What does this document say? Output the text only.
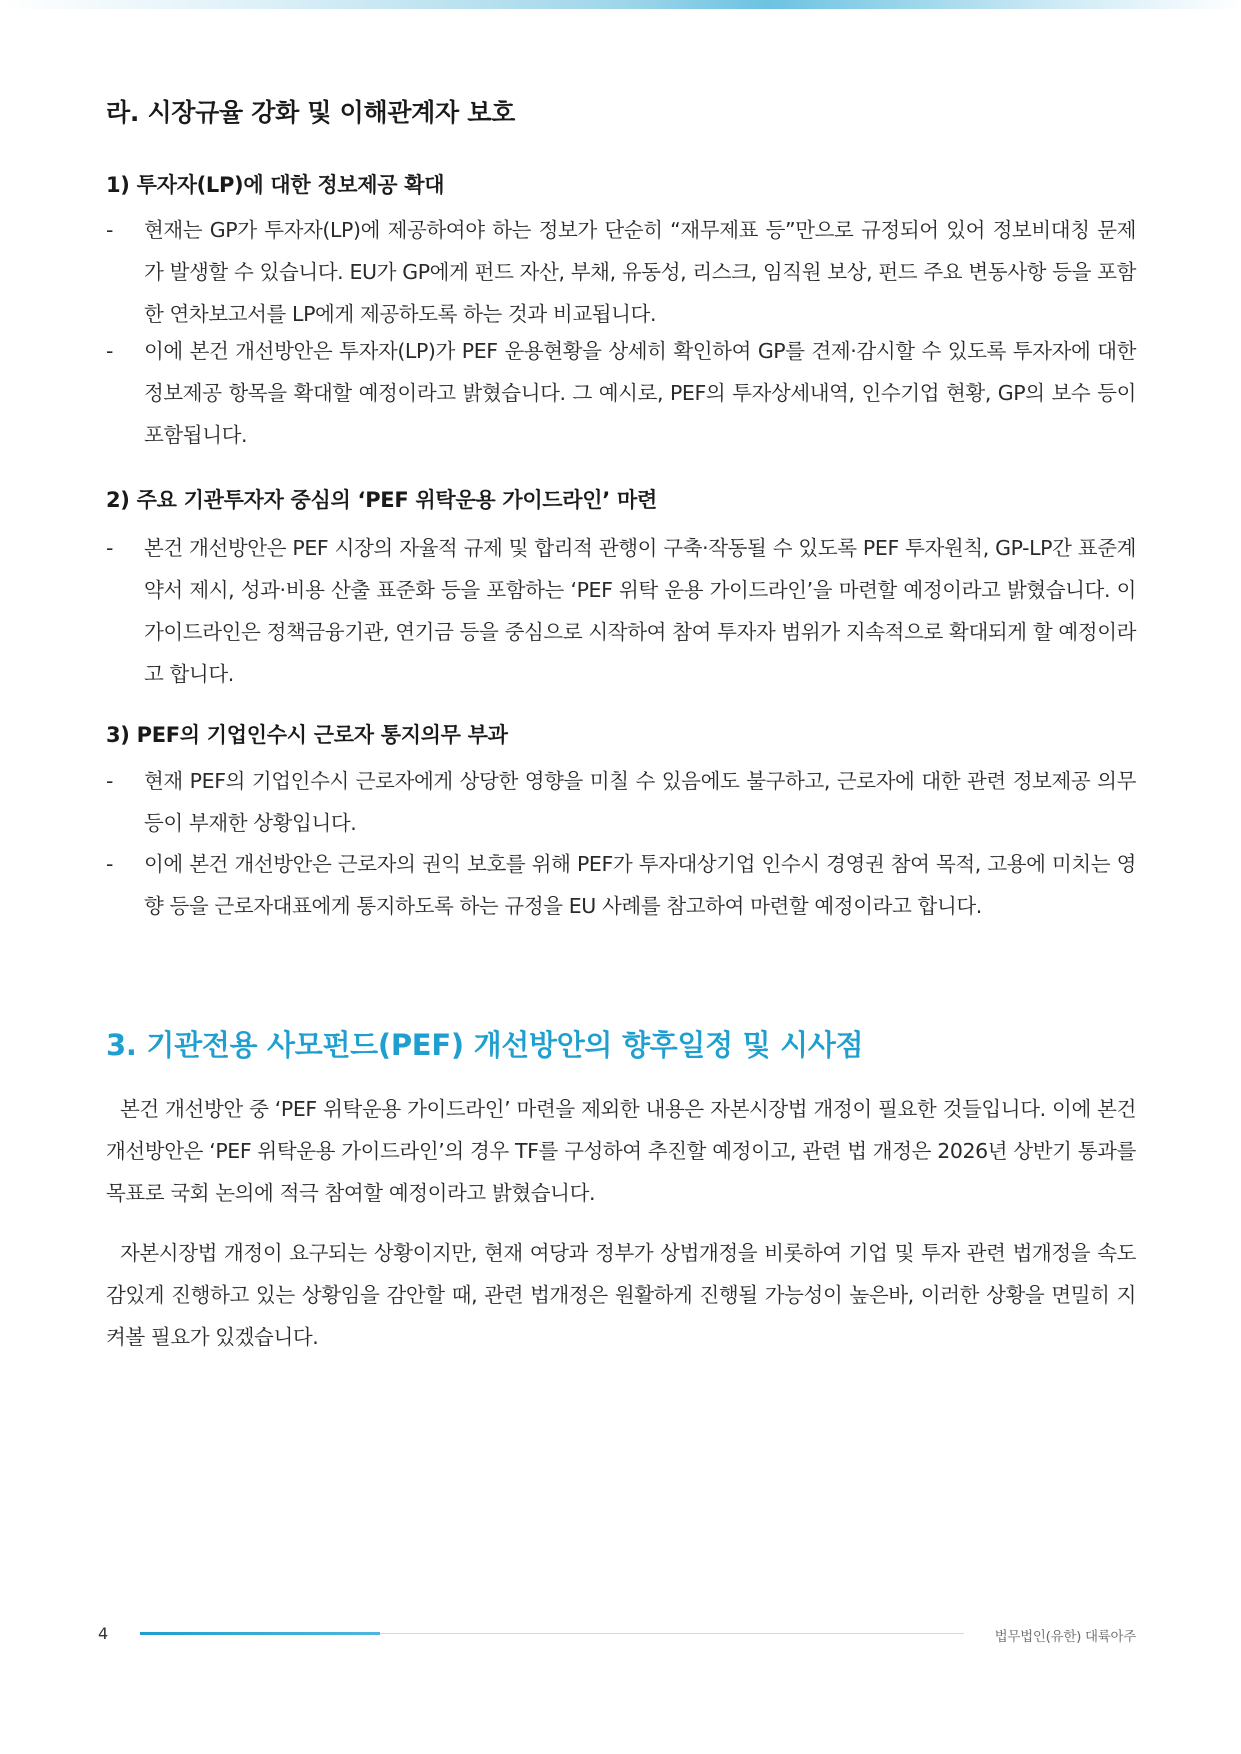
라. 시장규율 강화 및 이해관계자 보호
1) 투자자(LP)에 대한 정보제공 확대
-	현재는 GP가 투자자(LP)에 제공하여야 하는 정보가 단순히 “재무제표 등”만으로 규정되어 있어 정보비대칭 문제가 발생할 수 있습니다. EU가 GP에게 펀드 자산, 부채, 유동성, 리스크, 임직원 보상, 펀드 주요 변동사항 등을 포함한 연차보고서를 LP에게 제공하도록 하는 것과 비교됩니다.
-	이에 본건 개선방안은 투자자(LP)가 PEF 운용현황을 상세히 확인하여 GP를 견제·감시할 수 있도록 투자자에 대한 정보제공 항목을 확대할 예정이라고 밝혔습니다. 그 예시로, PEF의 투자상세내역, 인수기업 현황, GP의 보수 등이 포함됩니다.
2) 주요 기관투자자 중심의 ‘PEF 위탁운용 가이드라인’ 마련
-	본건 개선방안은 PEF 시장의 자율적 규제 및 합리적 관행이 구축·작동될 수 있도록 PEF 투자원칙, GP-LP간 표준계약서 제시, 성과·비용 산출 표준화 등을 포함하는 ‘PEF 위탁 운용 가이드라인’을 마련할 예정이라고 밝혔습니다. 이 가이드라인은 정책금융기관, 연기금 등을 중심으로 시작하여 참여 투자자 범위가 지속적으로 확대되게 할 예정이라고 합니다.
3) PEF의 기업인수시 근로자 통지의무 부과
-	현재 PEF의 기업인수시 근로자에게 상당한 영향을 미칠 수 있음에도 불구하고, 근로자에 대한 관련 정보제공 의무 등이 부재한 상황입니다.
-	이에 본건 개선방안은 근로자의 권익 보호를 위해 PEF가 투자대상기업 인수시 경영권 참여 목적, 고용에 미치는 영향 등을 근로자대표에게 통지하도록 하는 규정을 EU 사례를 참고하여 마련할 예정이라고 합니다.
3. 기관전용 사모펀드(PEF) 개선방안의 향후일정 및 시사점
본건 개선방안 중 ‘PEF 위탁운용 가이드라인’ 마련을 제외한 내용은 자본시장법 개정이 필요한 것들입니다. 이에 본건 개선방안은 ‘PEF 위탁운용 가이드라인’의 경우 TF를 구성하여 추진할 예정이고, 관련 법 개정은 2026년 상반기 통과를 목표로 국회 논의에 적극 참여할 예정이라고 밝혔습니다.
자본시장법 개정이 요구되는 상황이지만, 현재 여당과 정부가 상법개정을 비롯하여 기업 및 투자 관련 법개정을 속도감있게 진행하고 있는 상황임을 감안할 때, 관련 법개정은 원활하게 진행될 가능성이 높은바, 이러한 상황을 면밀히 지켜볼 필요가 있겠습니다.
4	법무법인(유한) 대륙아주
